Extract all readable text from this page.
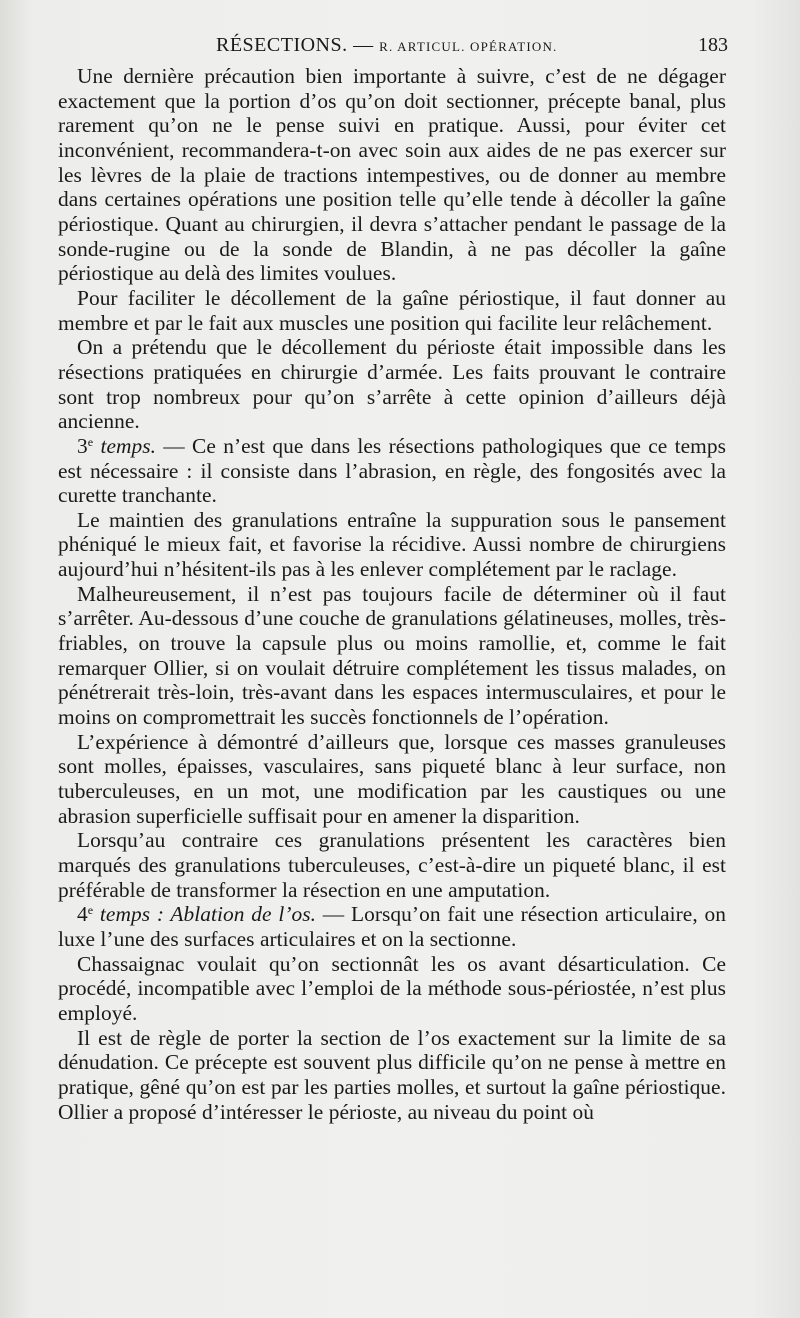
RÉSECTIONS. — R. ARTICUL. OPÉRATION.	183

Une dernière précaution bien importante à suivre, c’est de ne dégager exactement que la portion d’os qu’on doit sectionner, précepte banal, plus rarement qu’on ne le pense suivi en pratique. Aussi, pour éviter cet inconvénient, recommandera-t-on avec soin aux aides de ne pas exercer sur les lèvres de la plaie de tractions intempestives, ou de donner au membre dans certaines opérations une position telle qu’elle tende à décoller la gaîne périostique. Quant au chirurgien, il devra s’attacher pendant le passage de la sonde-rugine ou de la sonde de Blandin, à ne pas décoller la gaîne périostique au delà des limites voulues.

Pour faciliter le décollement de la gaîne périostique, il faut donner au membre et par le fait aux muscles une position qui facilite leur relâchement.

On a prétendu que le décollement du périoste était impossible dans les résections pratiquées en chirurgie d’armée. Les faits prouvant le contraire sont trop nombreux pour qu’on s’arrête à cette opinion d’ailleurs déjà ancienne.

3e temps. — Ce n’est que dans les résections pathologiques que ce temps est nécessaire : il consiste dans l’abrasion, en règle, des fongosités avec la curette tranchante.

Le maintien des granulations entraîne la suppuration sous le pansement phéniqué le mieux fait, et favorise la récidive. Aussi nombre de chirurgiens aujourd’hui n’hésitent-ils pas à les enlever complétement par le raclage.

Malheureusement, il n’est pas toujours facile de déterminer où il faut s’arrêter. Au-dessous d’une couche de granulations gélatineuses, molles, très-friables, on trouve la capsule plus ou moins ramollie, et, comme le fait remarquer Ollier, si on voulait détruire complétement les tissus malades, on pénétrerait très-loin, très-avant dans les espaces intermusculaires, et pour le moins on compromettrait les succès fonctionnels de l’opération.

L’expérience à démontré d’ailleurs que, lorsque ces masses granuleuses sont molles, épaisses, vasculaires, sans piqueté blanc à leur surface, non tuberculeuses, en un mot, une modification par les caustiques ou une abrasion superficielle suffisait pour en amener la disparition.

Lorsqu’au contraire ces granulations présentent les caractères bien marqués des granulations tuberculeuses, c’est-à-dire un piqueté blanc, il est préférable de transformer la résection en une amputation.

4e temps : Ablation de l’os. — Lorsqu’on fait une résection articulaire, on luxe l’une des surfaces articulaires et on la sectionne.

Chassaignac voulait qu’on sectionnât les os avant désarticulation. Ce procédé, incompatible avec l’emploi de la méthode sous-périostée, n’est plus employé.

Il est de règle de porter la section de l’os exactement sur la limite de sa dénudation. Ce précepte est souvent plus difficile qu’on ne pense à mettre en pratique, gêné qu’on est par les parties molles, et surtout la gaîne périostique. Ollier a proposé d’intéresser le périoste, au niveau du point où
